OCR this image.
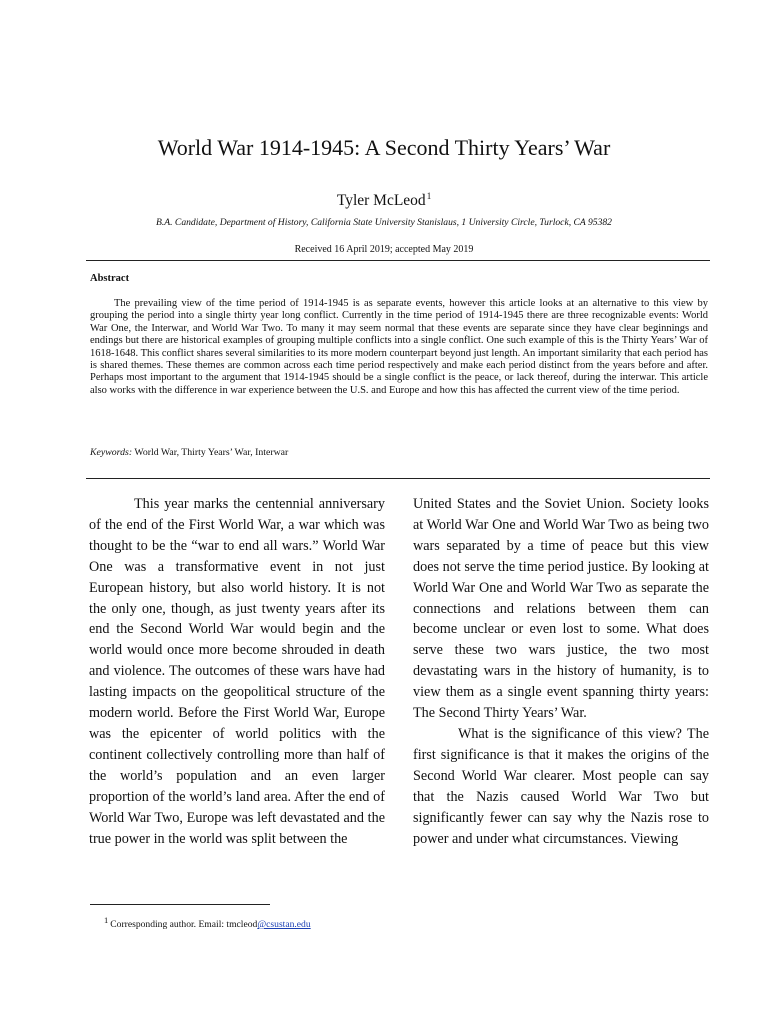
World War 1914-1945: A Second Thirty Years’ War
Tyler McLeod$^1$
B.A. Candidate, Department of History, California State University Stanislaus, 1 University Circle, Turlock, CA 95382
Received 16 April 2019; accepted May 2019
Abstract

The prevailing view of the time period of 1914-1945 is as separate events, however this article looks at an alternative to this view by grouping the period into a single thirty year long conflict. Currently in the time period of 1914-1945 there are three recognizable events: World War One, the Interwar, and World War Two. To many it may seem normal that these events are separate since they have clear beginnings and endings but there are historical examples of grouping multiple conflicts into a single conflict. One such example of this is the Thirty Years’ War of 1618-1648. This conflict shares several similarities to its more modern counterpart beyond just length. An important similarity that each period has is shared themes. These themes are common across each time period respectively and make each period distinct from the years before and after. Perhaps most important to the argument that 1914-1945 should be a single conflict is the peace, or lack thereof, during the interwar. This article also works with the difference in war experience between the U.S. and Europe and how this has affected the current view of the time period.

Keywords: World War, Thirty Years’ War, Interwar

This year marks the centennial anniversary of the end of the First World War, a war which was thought to be the “war to end all wars.” World War One was a transformative event in not just European history, but also world history. It is not the only one, though, as just twenty years after its end the Second World War would begin and the world would once more become shrouded in death and violence. The outcomes of these wars have had lasting impacts on the geopolitical structure of the modern world. Before the First World War, Europe was the epicenter of world politics with the continent collectively controlling more than half of the world’s population and an even larger proportion of the world’s land area. After the end of World War Two, Europe was left devastated and the true power in the world was split between the

United States and the Soviet Union. Society looks at World War One and World War Two as being two wars separated by a time of peace but this view does not serve the time period justice. By looking at World War One and World War Two as separate the connections and relations between them can become unclear or even lost to some. What does serve these two wars justice, the two most devastating wars in the history of humanity, is to view them as a single event spanning thirty years: The Second Thirty Years’ War.

What is the significance of this view? The first significance is that it makes the origins of the Second World War clearer. Most people can say that the Nazis caused World War Two but significantly fewer can say why the Nazis rose to power and under what circumstances. Viewing

$^1$ Corresponding author. Email: tmcleod@csustan.edu
